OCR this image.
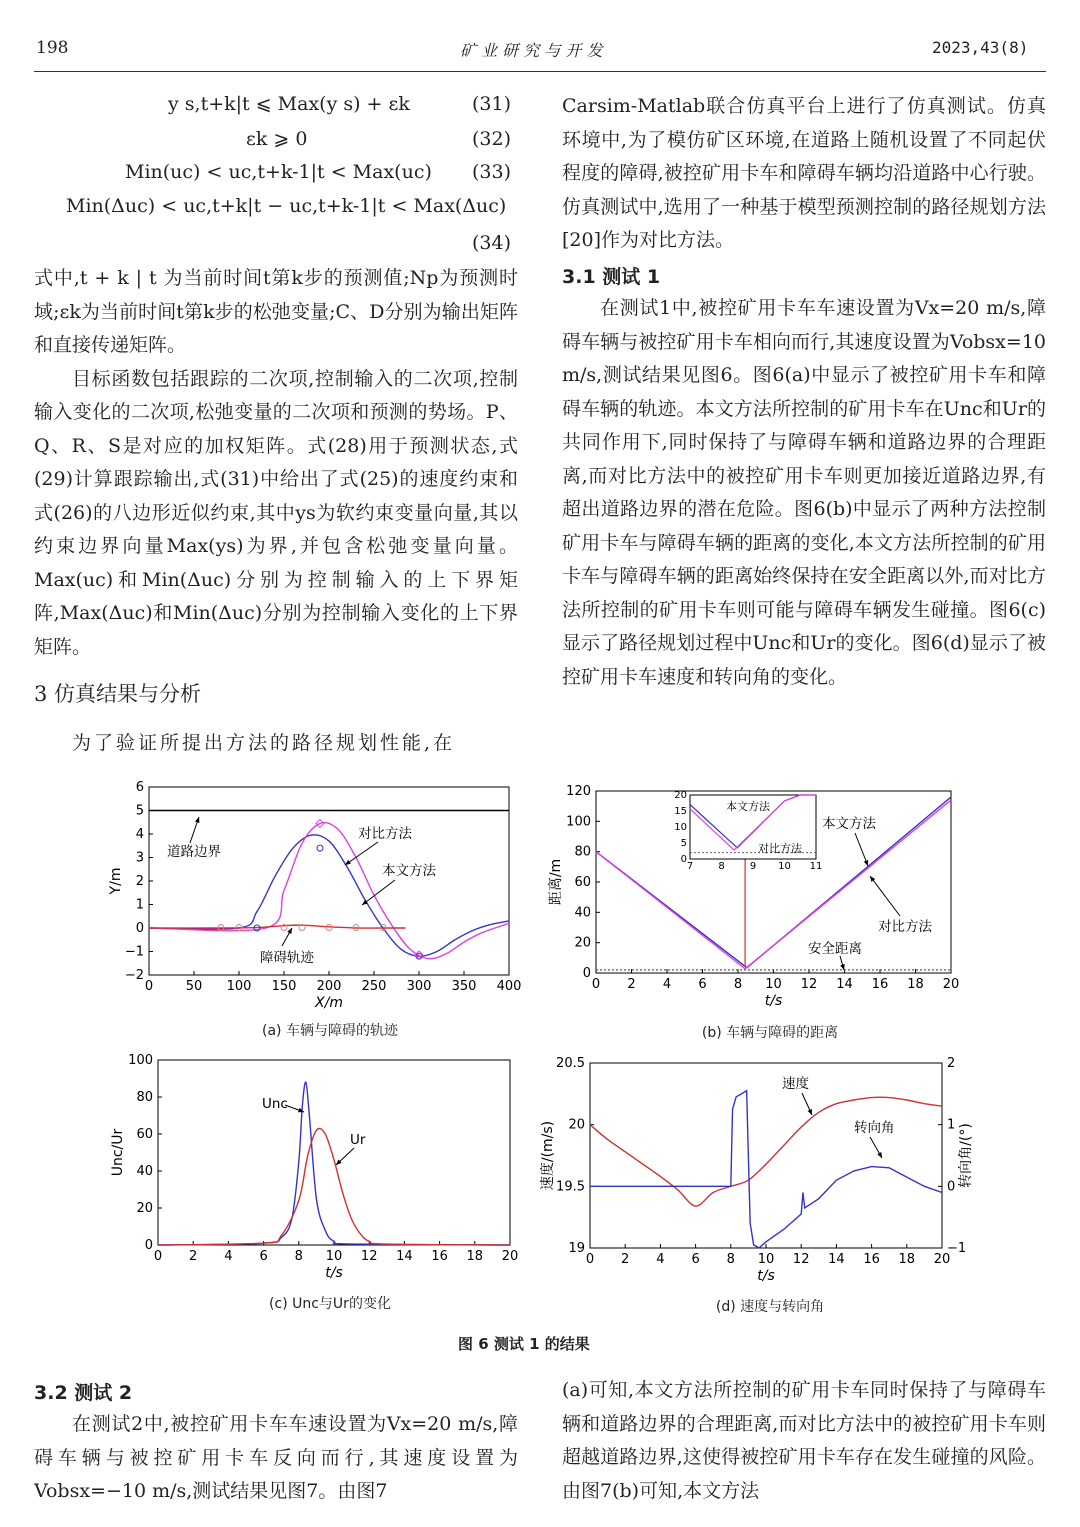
198	矿 业 研 究 与 开 发	2023,43(8)
y s,t+k|t ⩽ Max(y s) + εk	(31)
εk ⩾ 0	(32)
Min(uc) < uc,t+k-1|t < Max(uc) (33)
Min(Δuc) < uc,t+k|t − uc,t+k-1|t < Max(Δuc)
(34)

式中,t + k | t 为当前时间t第k步的预测值;Np为预测时域;εk为当前时间t第k步的松弛变量;C、D分别为输出矩阵和直接传递矩阵。

目标函数包括跟踪的二次项,控制输入的二次项,控制输入变化的二次项,松弛变量的二次项和预测的势场。P、Q、R、S是对应的加权矩阵。式(28)用于预测状态,式(29)计算跟踪输出,式(31)中给出了式(25)的速度约束和式(26)的八边形近似约束,其中ys为软约束变量向量,其以约束边界向量Max(ys)为界,并包含松弛变量向量。Max(uc)和Min(Δuc)分别为控制输入的上下界矩阵,Max(Δuc)和Min(Δuc)分别为控制输入变化的上下界矩阵。

3 仿真结果与分析

为了验证所提出方法的路径规划性能,在

Carsim-Matlab联合仿真平台上进行了仿真测试。仿真环境中,为了模仿矿区环境,在道路上随机设置了不同起伏程度的障碍,被控矿用卡车和障碍车辆均沿道路中心行驶。仿真测试中,选用了一种基于模型预测控制的路径规划方法[20]作为对比方法。

3.1 测试 1

在测试1中,被控矿用卡车车速设置为Vx=20 m/s,障碍车辆与被控矿用卡车相向而行,其速度设置为Vobsx=10 m/s,测试结果见图6。图6(a)中显示了被控矿用卡车和障碍车辆的轨迹。本文方法所控制的矿用卡车在Unc和Ur的共同作用下,同时保持了与障碍车辆和道路边界的合理距离,而对比方法中的被控矿用卡车则更加接近道路边界,有超出道路边界的潜在危险。图6(b)中显示了两种方法控制矿用卡车与障碍车辆的距离的变化,本文方法所控制的矿用卡车与障碍车辆的距离始终保持在安全距离以外,而对比方法所控制的矿用卡车则可能与障碍车辆发生碰撞。图6(c)显示了路径规划过程中Unc和Ur的变化。图6(d)显示了被控矿用卡车速度和转向角的变化。

0	50 100 150 200 250 300 350 400
−2
−1
0
1
2
3
4
5
6
X/m
Y/m
道路边界
对比方法
本文方法
障碍轨迹
(a) 车辆与障碍的轨迹
0 2 4 6 8 10 12 14 16 18 20
0
20
40
60
80
100
120
t/s
距离/m	7	8	9 10 11
0
5
10
15
20
本文方法
对比方法
本文方法
对比方法
安全距离
(b) 车辆与障碍的距离
0 2 4 6 8 10 12 14 16 18 20
0
20
40
60
80
100
t/s
Unc/Ur
Unc
Ur
(c) Unc与Ur的变化
0 2 4 6 8 10 12 14 16 18 20
19
19.5
20
20.5
t/s
速度/(m/s)
−1
0
1
2
转向角/(°)
速度
转向角
(d) 速度与转向角
图 6 测试 1 的结果
3.2 测试 2

在测试2中,被控矿用卡车车速设置为Vx=20 m/s,障碍车辆与被控矿用卡车反向而行,其速度设置为Vobsx=−10 m/s,测试结果见图7。由图7

(a)可知,本文方法所控制的矿用卡车同时保持了与障碍车辆和道路边界的合理距离,而对比方法中的被控矿用卡车则超越道路边界,这使得被控矿用卡车存在发生碰撞的风险。由图7(b)可知,本文方法
